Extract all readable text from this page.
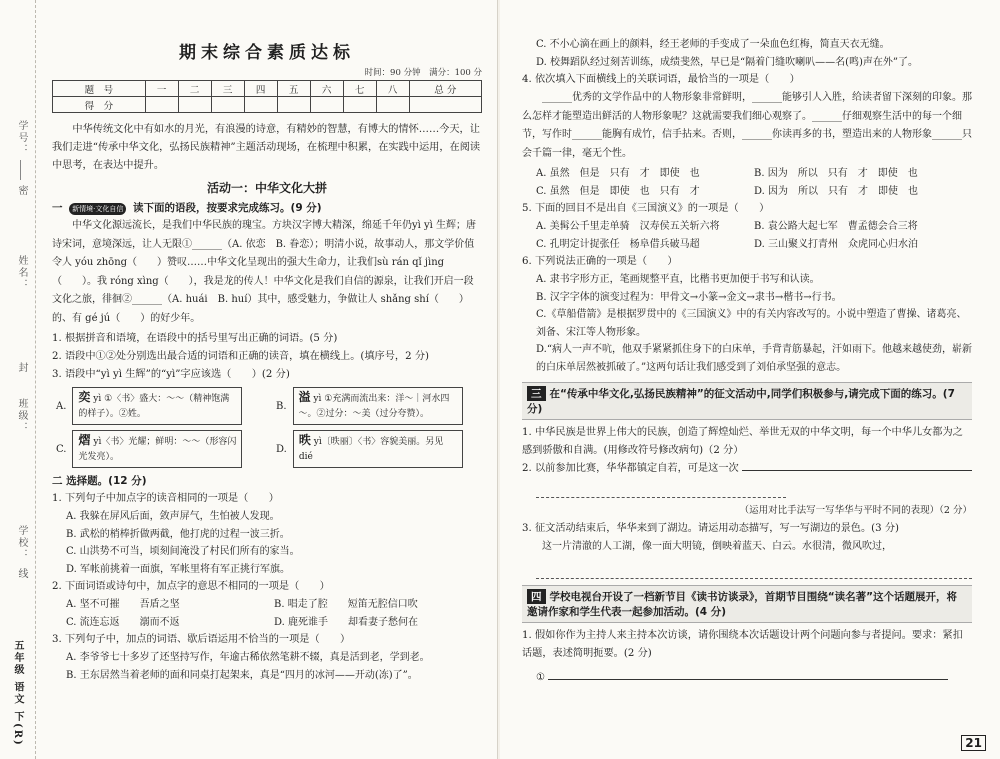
学号：
密
姓名：
封
班级：
学校：
线
五年级 语文 下(R)
期末综合素质达标
时间：90 分钟　满分：100 分
题　号	一	二	三	四	五	六	七	八	总 分
得　分									
中华传统文化中有如水的月光，有浪漫的诗意，有精妙的智慧，有博大的情怀……今天，让我们走进“传承中华文化，弘扬民族精神”主题活动现场，在梳理中积累，在实践中运用，在阅读中思考，在表达中提升。
活动一：中华文化大拼
一 新情境·文化自信 读下面的语段，按要求完成练习。(9 分)
中华文化源远流长，是我们中华民族的瑰宝。方块汉字博大精深，绵延千年仍yì yì 生辉；唐诗宋词，意境深远，让人无限①______（A. 依恋　B. 眷恋）；明清小说，故事动人，那文学价值令人 yóu zhōng（　　）赞叹……中华文化呈现出的强大生命力，让我们sù rán qǐ jìng（　　）。我 róng xìng（　　），我是龙的传人！中华文化是我们自信的源泉，让我们开启一段文化之旅，徘徊②______（A. huái　B. huí）其中，感受魅力，争做让人 shǎng shí（　　）的、有 gé jú（　　）的好少年。
1. 根据拼音和语境，在语段中的括号里写出正确的词语。(5 分)
2. 语段中①②处分别选出最合适的词语和正确的读音，填在横线上。(填序号，2 分)
3. 语段中“yì yì 生辉”的“yì”字应该选（　　）(2 分)
A.
奕 yì ①〈书〉盛大：～～（精神饱满的样子）。②姓。
B.
溢 yì ①充满而流出来：洋～｜河水四～。②过分：～美（过分夸赞）。
C.
熠 yì〈书〉光耀；鲜明：～～（形容闪光发亮）。
D.
昳 yì〔昳丽〕〈书〉容貌美丽。另见 dié
二 选择题。(12 分)
1. 下列句子中加点字的读音相同的一项是（　　）
A. 我躲在屏风后面，敛声屏气，生怕被人发现。
B. 武松的梢棒折做两截，他打虎的过程一波三折。
C. 山洪势不可当，顷刻间淹没了村民们所有的家当。
D. 军帐前挑着一面旗，军帐里将有军正挑行军旗。
2. 下面词语或诗句中，加点字的意思不相同的一项是（　　）
A. 坚不可摧　　吾盾之坚	B. 唱走了腔　　短笛无腔信口吹
C. 流连忘返　　溺而不返	D. 鹿死谁手　　却看妻子愁何在
3. 下列句子中，加点的词语、歇后语运用不恰当的一项是（　　）
A. 李爷爷七十多岁了还坚持写作，年逾古稀依然笔耕不辍，真是活到老，学到老。
B. 王东居然当着老师的面和同桌打起架来，真是“四月的冰河——开动(冻)了”。
C. 不小心滴在画上的颜料，经王老师的手变成了一朵血色红梅，简直天衣无缝。
D. 校舞蹈队经过刻苦训练，成绩斐然，早已是“隔着门缝吹喇叭——名(鸣)声在外”了。
4. 依次填入下面横线上的关联词语，最恰当的一项是（　　）
______优秀的文学作品中的人物形象非常鲜明，______能够引人入胜，给读者留下深刻的印象。那么怎样才能塑造出鲜活的人物形象呢？这就需要我们细心观察了。______仔细观察生活中的每一个细节，写作时______能胸有成竹，信手拈来。否则，______你读再多的书，塑造出来的人物形象______只会千篇一律，毫无个性。
A. 虽然　但是　只有　才　即使　也	B. 因为　所以　只有　才　即使　也
C. 虽然　但是　即使　也　只有　才	D. 因为　所以　只有　才　即使　也
5. 下面的回目不是出自《三国演义》的一项是（　　）
A. 美髯公千里走单骑　汉寿侯五关斩六将	B. 袁公路大起七军　曹孟德会合三将
C. 孔明定计捉张任　杨阜借兵破马超	D. 三山聚义打青州　众虎同心归水泊
6. 下列说法正确的一项是（　　）
A. 隶书字形方正，笔画规整平直，比楷书更加便于书写和认读。
B. 汉字字体的演变过程为：甲骨文→小篆→金文→隶书→楷书→行书。
C.《草船借箭》是根据罗贯中的《三国演义》中的有关内容改写的。小说中塑造了曹操、诸葛亮、刘备、宋江等人物形象。
D.“病人一声不吭，他双手紧紧抓住身下的白床单，手背青筋暴起，汗如雨下。他越来越使劲，崭新的白床单居然被抓破了。”这两句话让我们感受到了刘伯承坚强的意志。
三 在“传承中华文化,弘扬民族精神”的征文活动中,同学们积极参与,请完成下面的练习。(7分)
1. 中华民族是世界上伟大的民族，创造了辉煌灿烂、举世无双的中华文明，每一个中华儿女都为之感到骄傲和自满。(用修改符号修改病句)（2 分）
2. 以前参加比赛，华华都镇定自若，可是这一次
（运用对比手法写一写华华与平时不同的表现）（2 分）
3. 征文活动结束后，华华来到了湖边。请运用动态描写，写一写湖边的景色。(3 分)
这一片清澈的人工湖，像一面大明镜，倒映着蓝天、白云。水很清，微风吹过，
四 学校电视台开设了一档新节目《读书访谈录》，首期节目围绕“读名著”这个话题展开，将邀请作家和学生代表一起参加活动。(4 分)
1. 假如你作为主持人来主持本次访谈，请你围绕本次话题设计两个问题向参与者提问。要求：紧扣话题，表述简明扼要。(2 分)
①
21
